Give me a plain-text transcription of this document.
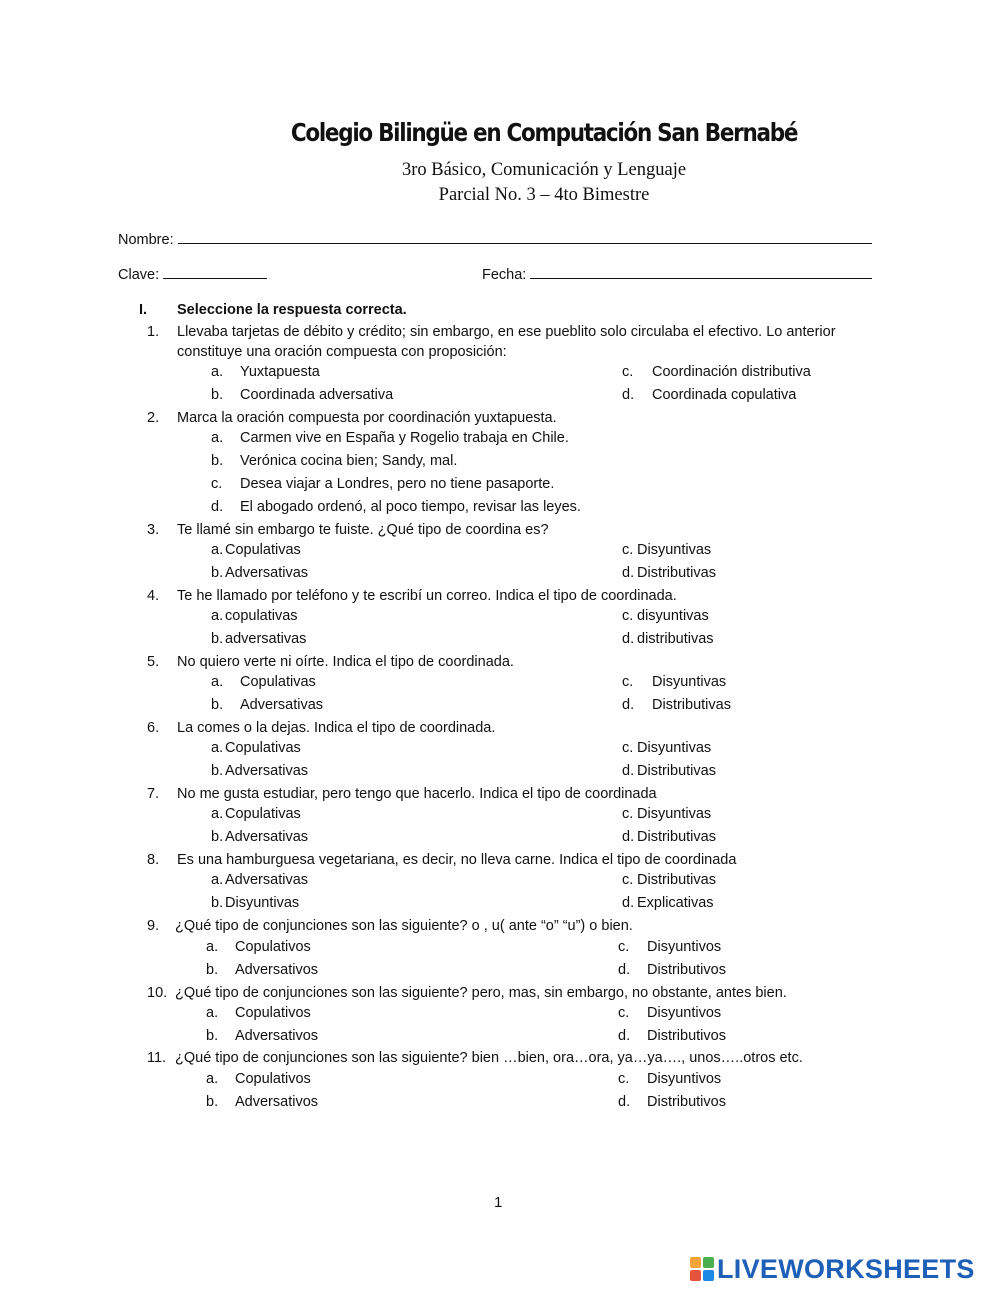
Colegio Bilingüe en Computación San Bernabé
3ro Básico, Comunicación y Lenguaje
Parcial No. 3 – 4to Bimestre
Nombre:
Clave:	Fecha:
I. Seleccione la respuesta correcta.
1. Llevaba tarjetas de débito y crédito; sin embargo, en ese pueblito solo circulaba el efectivo. Lo anterior
constituye una oración compuesta con proposición:
a. Yuxtapuesta	c. Coordinación distributiva
b. Coordinada adversativa	d. Coordinada copulativa
2. Marca la oración compuesta por coordinación yuxtapuesta.
a. Carmen vive en España y Rogelio trabaja en Chile.
b. Verónica cocina bien; Sandy, mal.
c. Desea viajar a Londres, pero no tiene pasaporte.
d. El abogado ordenó, al poco tiempo, revisar las leyes.
3. Te llamé sin embargo te fuiste. ¿Qué tipo de coordina es?
a. Copulativas	c. Disyuntivas
b. Adversativas	d. Distributivas
4. Te he llamado por teléfono y te escribí un correo. Indica el tipo de coordinada.
a. copulativas	c. disyuntivas
b. adversativas	d. distributivas
5. No quiero verte ni oírte. Indica el tipo de coordinada.
a. Copulativas	c. Disyuntivas
b. Adversativas	d. Distributivas
6. La comes o la dejas. Indica el tipo de coordinada.
a. Copulativas	c. Disyuntivas
b. Adversativas	d. Distributivas
7. No me gusta estudiar, pero tengo que hacerlo. Indica el tipo de coordinada
a. Copulativas	c. Disyuntivas
b. Adversativas	d. Distributivas
8. Es una hamburguesa vegetariana, es decir, no lleva carne. Indica el tipo de coordinada
a. Adversativas	c. Distributivas
b. Disyuntivas	d. Explicativas
9. ¿Qué tipo de conjunciones son las siguiente? o , u( ante “o” “u”) o bien.
a. Copulativos	c. Disyuntivos
b. Adversativos	d. Distributivos
10. ¿Qué tipo de conjunciones son las siguiente? pero, mas, sin embargo, no obstante, antes bien.
a. Copulativos	c. Disyuntivos
b. Adversativos	d. Distributivos
11. ¿Qué tipo de conjunciones son las siguiente? bien …bien, ora…ora, ya…ya…., unos…..otros etc.
a. Copulativos	c. Disyuntivos
b. Adversativos	d. Distributivos
1
LIVEWORKSHEETS
